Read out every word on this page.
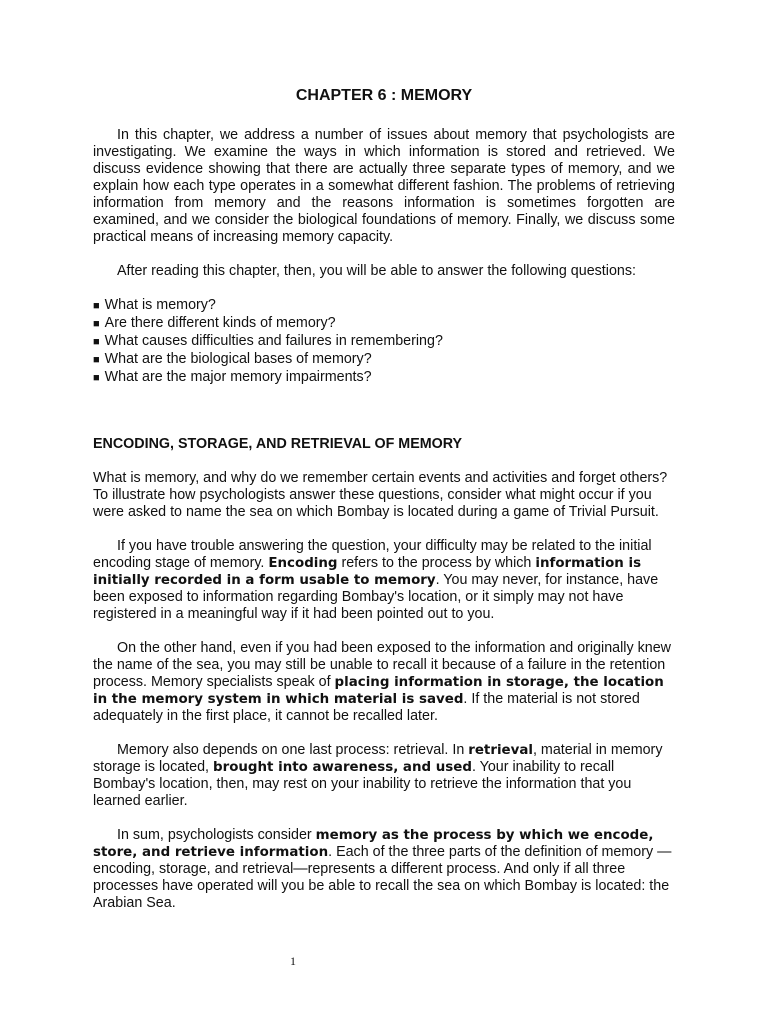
CHAPTER 6 : MEMORY

In this chapter, we address a number of issues about memory that psychologists are investigating. We examine the ways in which information is stored and retrieved. We discuss evidence showing that there are actually three separate types of memory, and we explain how each type operates in a somewhat different fashion. The problems of retrieving information from memory and the reasons information is sometimes forgotten are examined, and we consider the biological foundations of memory. Finally, we discuss some practical means of increasing memory capacity.

After reading this chapter, then, you will be able to answer the following questions:

■ What is memory?
■ Are there different kinds of memory?
■ What causes difficulties and failures in remembering?
■ What are the biological bases of memory?
■ What are the major memory impairments?
ENCODING, STORAGE, AND RETRIEVAL OF MEMORY

What is memory, and why do we remember certain events and activities and forget others? To illustrate how psychologists answer these questions, consider what might occur if you were asked to name the sea on which Bombay is located during a game of Trivial Pursuit.

If you have trouble answering the question, your difficulty may be related to the initial encoding stage of memory. Encoding refers to the process by which information is initially recorded in a form usable to memory. You may never, for instance, have been exposed to information regarding Bombay's location, or it simply may not have registered in a meaningful way if it had been pointed out to you.

On the other hand, even if you had been exposed to the information and originally knew the name of the sea, you may still be unable to recall it because of a failure in the retention process. Memory specialists speak of placing information in storage, the location in the memory system in which material is saved. If the material is not stored adequately in the first place, it cannot be recalled later.

Memory also depends on one last process: retrieval. In retrieval, material in memory storage is located, brought into awareness, and used. Your inability to recall Bombay's location, then, may rest on your inability to retrieve the information that you learned earlier.

In sum, psychologists consider memory as the process by which we encode, store, and retrieve information. Each of the three parts of the definition of memory —encoding, storage, and retrieval—represents a different process. And only if all three processes have operated will you be able to recall the sea on which Bombay is located: the Arabian Sea.

1
